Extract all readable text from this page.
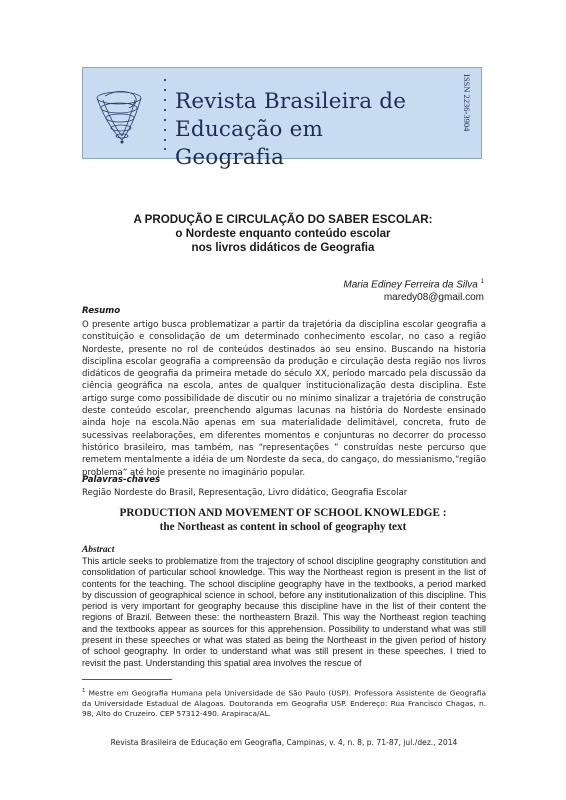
Revista Brasileira de
Educação em Geografia
ISSN 2236-3904
A PRODUÇÃO E CIRCULAÇÃO DO SABER ESCOLAR:
o Nordeste enquanto conteúdo escolar
nos livros didáticos de Geografia
Maria Ediney Ferreira da Silva $^1$
maredy08@gmail.com
Resumo
O presente artigo busca problematizar a partir da trajetória da disciplina escolar geografia a constituição e consolidação de um determinado conhecimento escolar, no caso a região Nordeste, presente no rol de conteúdos destinados ao seu ensino. Buscando na historia disciplina escolar geografia a compreensão da produção e circulação desta região nos livros didáticos de geografia da primeira metade do século XX, período marcado pela discussão da ciência geográfica na escola, antes de qualquer institucionalização desta disciplina. Este artigo surge como possibilidade de discutir ou no mínimo sinalizar a trajetória de construção deste conteúdo escolar, preenchendo algumas lacunas na história do Nordeste ensinado ainda hoje na escola.Não apenas em sua materialidade delimitável, concreta, fruto de sucessivas reelaborações, em diferentes momentos e conjunturas no decorrer do processo histórico brasileiro, mas também, nas “representações ” construídas neste percurso que remetem mentalmente a idéia de um Nordeste da seca, do cangaço, do messianismo,“região problema” até hoje presente no imaginário popular.
Palavras-chaves
Região Nordeste do Brasil, Representação, Livro didático, Geografia Escolar
PRODUCTION AND MOVEMENT OF SCHOOL KNOWLEDGE :
the Northeast as content in school of geography text
Abstract
This article seeks to problematize from the trajectory of school discipline geography constitution and consolidation of particular school knowledge. This way the Northeast region is present in the list of contents for the teaching. The school discipline geography have in the textbooks, a period marked by discussion of geographical science in school, before any institutionalization of this discipline. This period is very important for geography because this discipline have in the list of their content the regions of Brazil. Between these: the northeastern Brazil. This way the Northeast region teaching and the textbooks appear as sources for this apprehension. Possibility to understand what was still present in these speeches or what was stated as being the Northeast in the given period of history of school geography. In order to understand what was still present in these speeches. I tried to revisit the past. Understanding this spatial area involves the rescue of
$^1$ Mestre em Geografia Humana pela Universidade de São Paulo (USP). Professora Assistente de Geografia da Universidade Estadual de Alagoas. Doutoranda em Geografia USP. Endereço: Rua Francisco Chagas, n. 98, Alto do Cruzeiro. CEP 57312-490. Arapiraca/AL.
Revista Brasileira de Educação em Geografia, Campinas, v. 4, n. 8, p. 71-87, jul./dez., 2014
